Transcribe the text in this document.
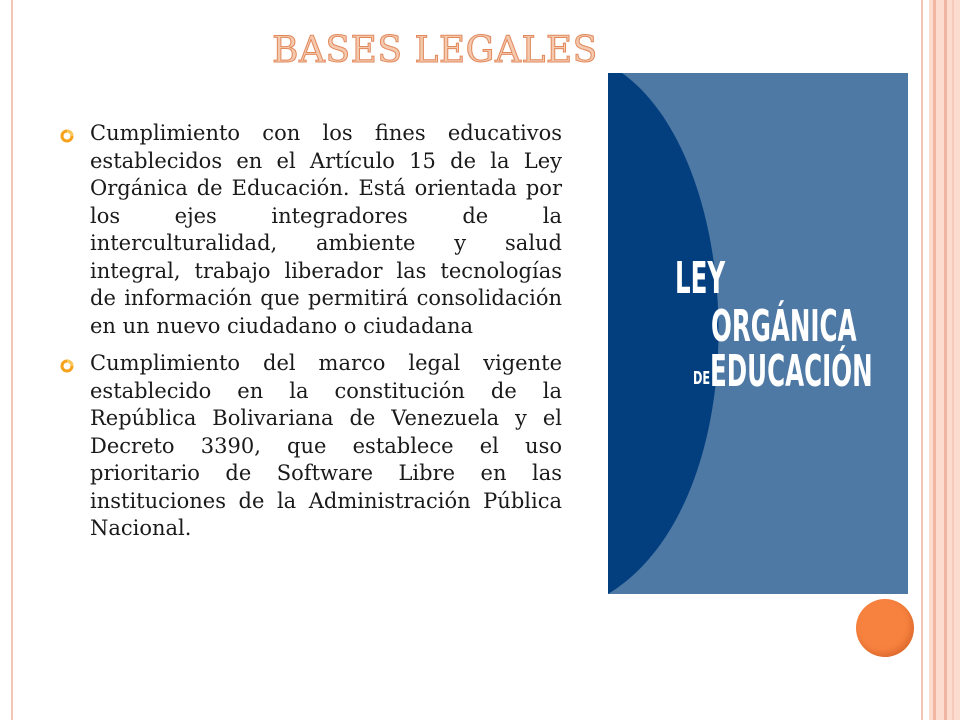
BASES LEGALES
Cumplimiento con los fines educativos establecidos en el Artículo 15 de la Ley Orgánica de Educación. Está orientada por los ejes integradores de la interculturalidad, ambiente y salud integral, trabajo liberador las tecnologías de información que permitirá consolidación en un nuevo ciudadano o ciudadana
Cumplimiento del marco legal vigente establecido en la constitución de la República Bolivariana de Venezuela y el Decreto 3390, que establece el uso prioritario de Software Libre en las instituciones de la Administración Pública Nacional.
LEY
ORGÁNICA
DE EDUCACIÓN
